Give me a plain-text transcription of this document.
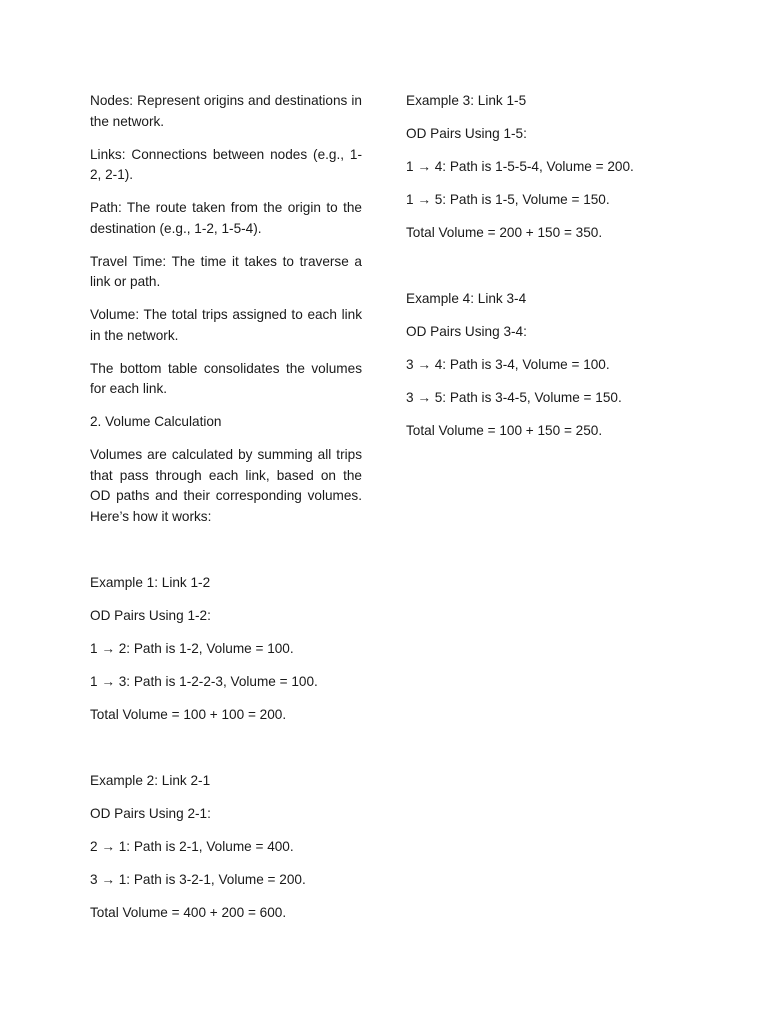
Nodes: Represent origins and destinations in the network.

Links: Connections between nodes (e.g., 1-2, 2-1).

Path: The route taken from the origin to the destination (e.g., 1-2, 1-5-4).

Travel Time: The time it takes to traverse a link or path.

Volume: The total trips assigned to each link in the network.

The bottom table consolidates the volumes for each link.

2. Volume Calculation

Volumes are calculated by summing all trips that pass through each link, based on the OD paths and their corresponding volumes. Here’s how it works:

Example 1: Link 1-2

OD Pairs Using 1-2:

1 → 2: Path is 1-2, Volume = 100.

1 → 3: Path is 1-2-2-3, Volume = 100.

Total Volume = 100 + 100 = 200.

Example 2: Link 2-1

OD Pairs Using 2-1:

2 → 1: Path is 2-1, Volume = 400.

3 → 1: Path is 3-2-1, Volume = 200.

Total Volume = 400 + 200 = 600.

Example 3: Link 1-5

OD Pairs Using 1-5:

1 → 4: Path is 1-5-5-4, Volume = 200.

1 → 5: Path is 1-5, Volume = 150.

Total Volume = 200 + 150 = 350.

Example 4: Link 3-4

OD Pairs Using 3-4:

3 → 4: Path is 3-4, Volume = 100.

3 → 5: Path is 3-4-5, Volume = 150.

Total Volume = 100 + 150 = 250.
